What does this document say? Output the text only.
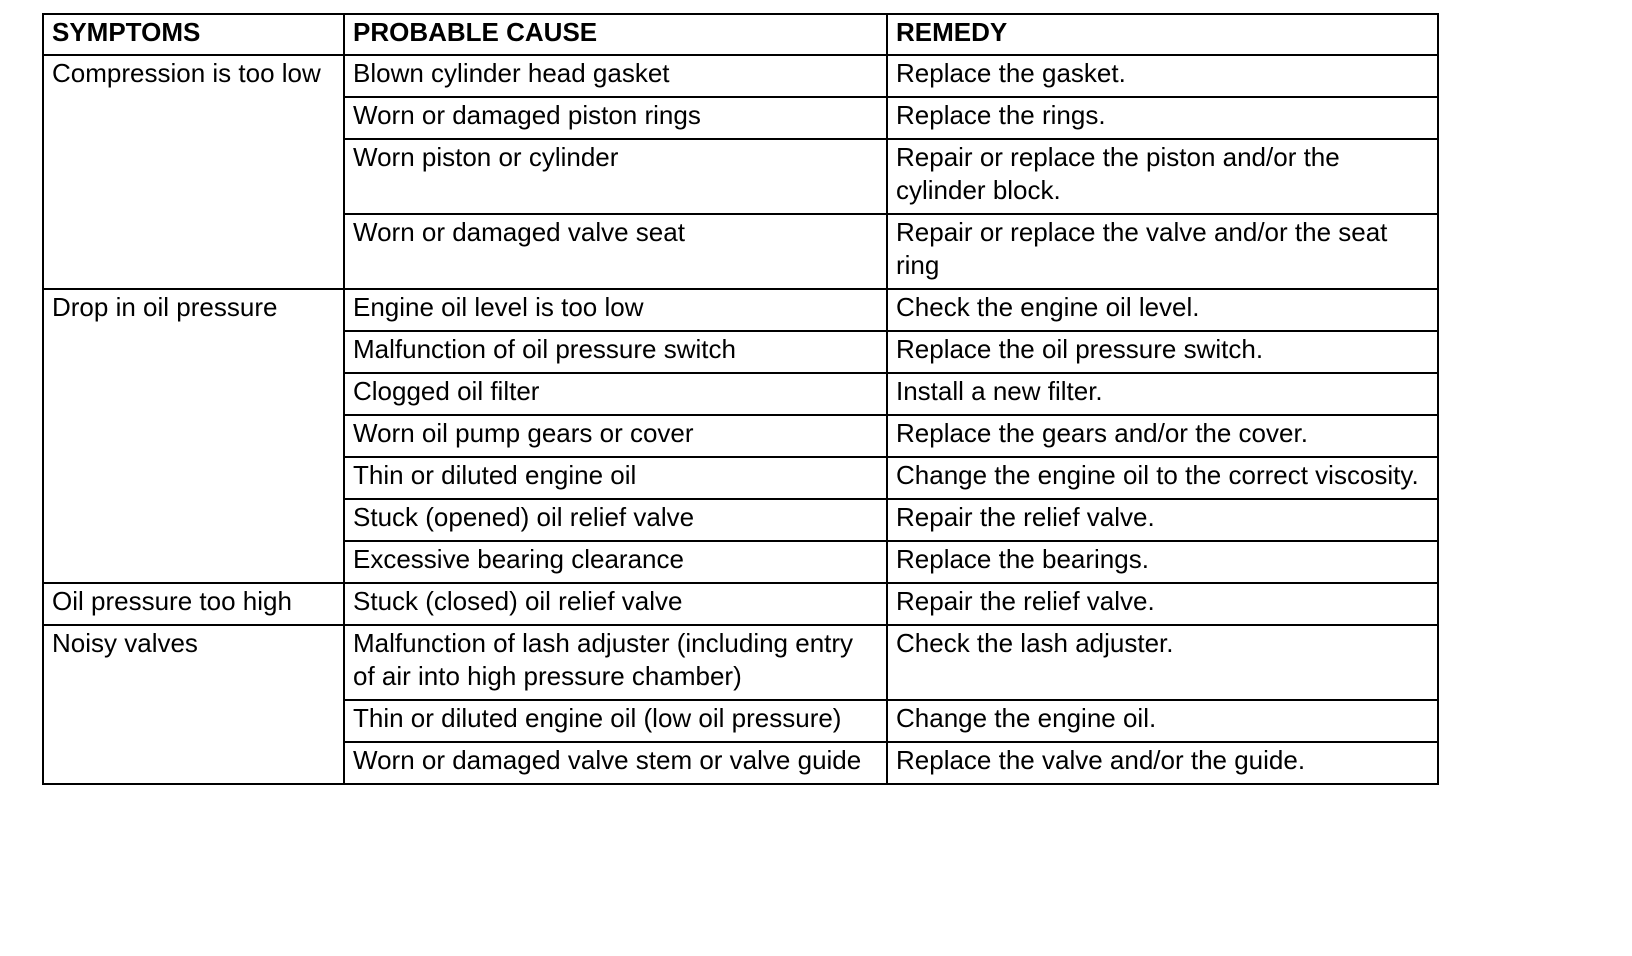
SYMPTOMS	PROBABLE CAUSE	REMEDY
Compression is too low	Blown cylinder head gasket	Replace the gasket.
	Worn or damaged piston rings	Replace the rings.
	Worn piston or cylinder	Repair or replace the piston and/or the cylinder block.
	Worn or damaged valve seat	Repair or replace the valve and/or the seat ring
Drop in oil pressure	Engine oil level is too low	Check the engine oil level.
	Malfunction of oil pressure switch	Replace the oil pressure switch.
	Clogged oil filter	Install a new filter.
	Worn oil pump gears or cover	Replace the gears and/or the cover.
	Thin or diluted engine oil	Change the engine oil to the correct viscosity.
	Stuck (opened) oil relief valve	Repair the relief valve.
	Excessive bearing clearance	Replace the bearings.
Oil pressure too high	Stuck (closed) oil relief valve	Repair the relief valve.
Noisy valves	Malfunction of lash adjuster (including entry of air into high pressure chamber)	Check the lash adjuster.
	Thin or diluted engine oil (low oil pressure)	Change the engine oil.
	Worn or damaged valve stem or valve guide	Replace the valve and/or the guide.
